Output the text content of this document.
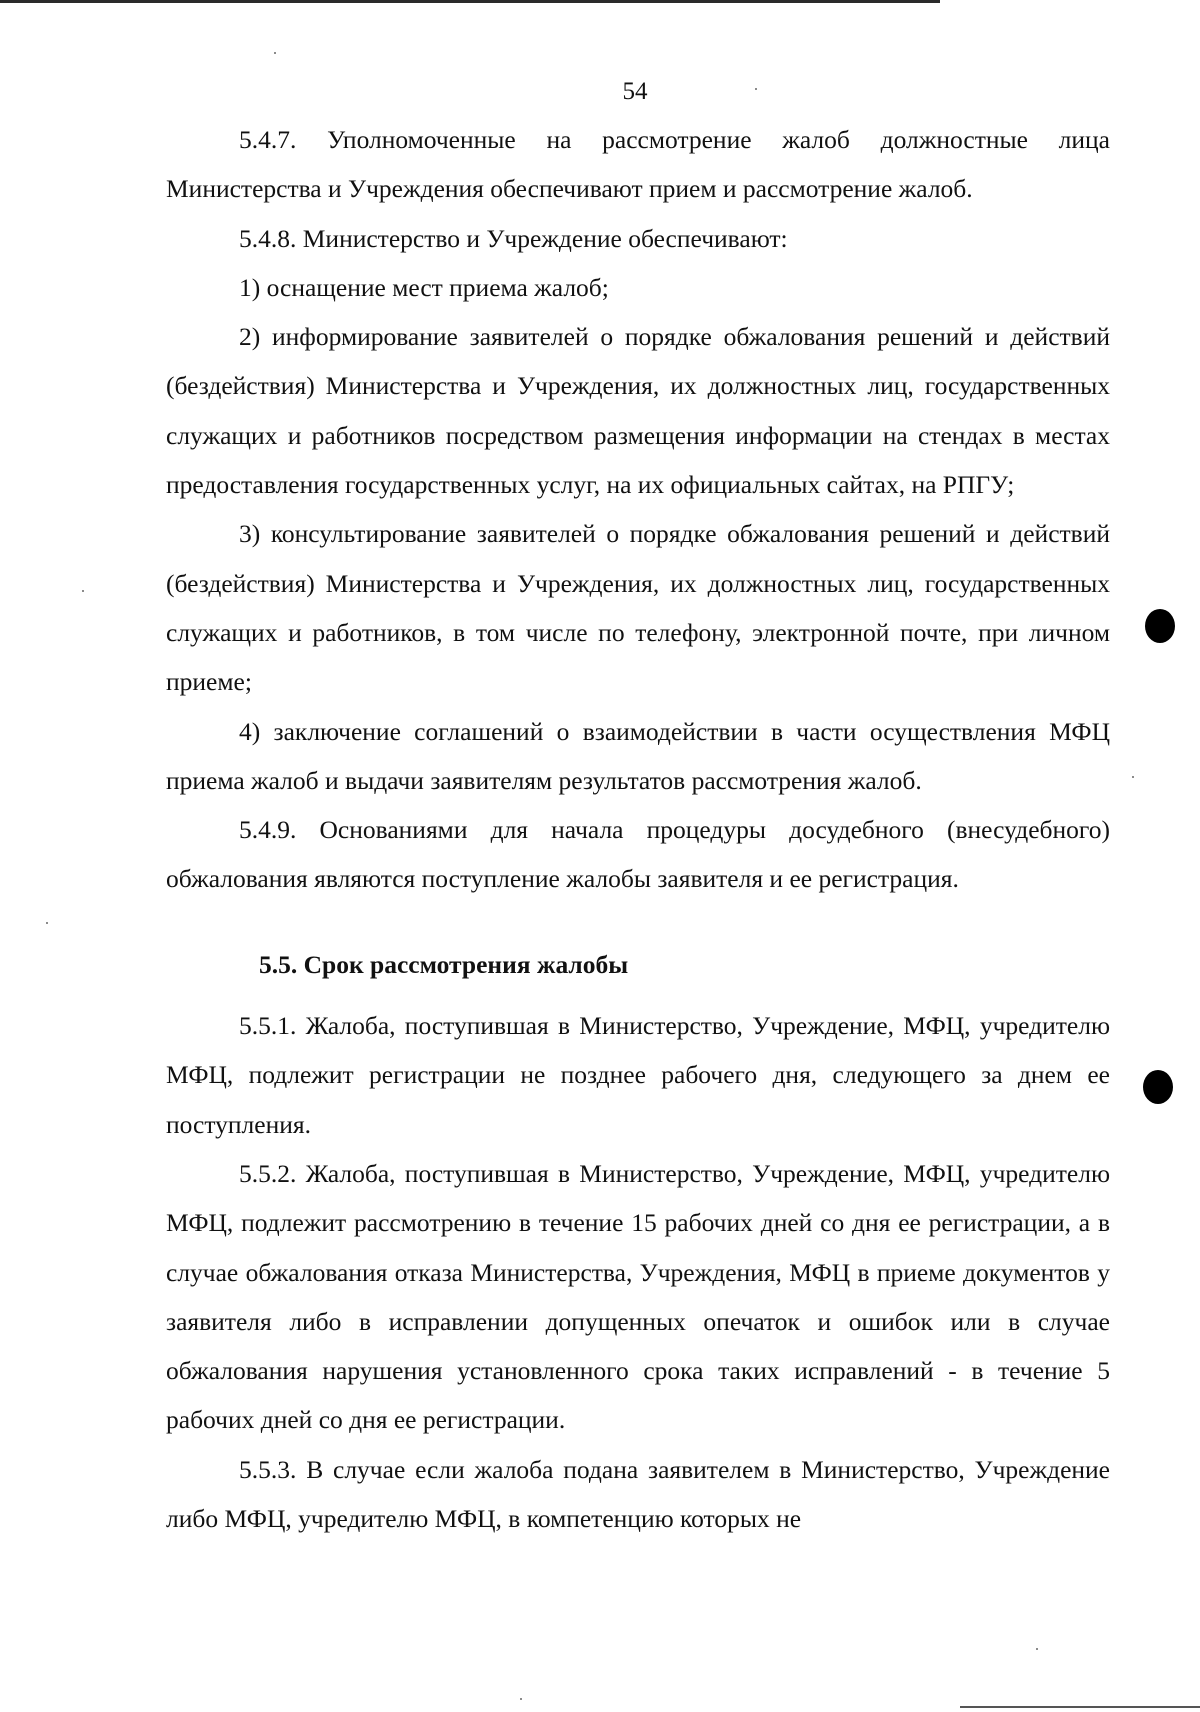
54

5.4.7. Уполномоченные на рассмотрение жалоб должностные лица Министерства и Учреждения обеспечивают прием и рассмотрение жалоб.

5.4.8. Министерство и Учреждение обеспечивают:

1) оснащение мест приема жалоб;

2) информирование заявителей о порядке обжалования решений и действий (бездействия) Министерства и Учреждения, их должностных лиц, государственных служащих и работников посредством размещения информации на стендах в местах предоставления государственных услуг, на их официальных сайтах, на РПГУ;

3) консультирование заявителей о порядке обжалования решений и действий (бездействия) Министерства и Учреждения, их должностных лиц, государственных служащих и работников, в том числе по телефону, электронной почте, при личном приеме;

4) заключение соглашений о взаимодействии в части осуществления МФЦ приема жалоб и выдачи заявителям результатов рассмотрения жалоб.

5.4.9. Основаниями для начала процедуры досудебного (внесудебного) обжалования являются поступление жалобы заявителя и ее регистрация.

5.5. Срок рассмотрения жалобы

5.5.1. Жалоба, поступившая в Министерство, Учреждение, МФЦ, учредителю МФЦ, подлежит регистрации не позднее рабочего дня, следующего за днем ее поступления.

5.5.2. Жалоба, поступившая в Министерство, Учреждение, МФЦ, учредителю МФЦ, подлежит рассмотрению в течение 15 рабочих дней со дня ее регистрации, а в случае обжалования отказа Министерства, Учреждения, МФЦ в приеме документов у заявителя либо в исправлении допущенных опечаток и ошибок или в случае обжалования нарушения установленного срока таких исправлений - в течение 5 рабочих дней со дня ее регистрации.

5.5.3. В случае если жалоба подана заявителем в Министерство, Учреждение либо МФЦ, учредителю МФЦ, в компетенцию которых не
